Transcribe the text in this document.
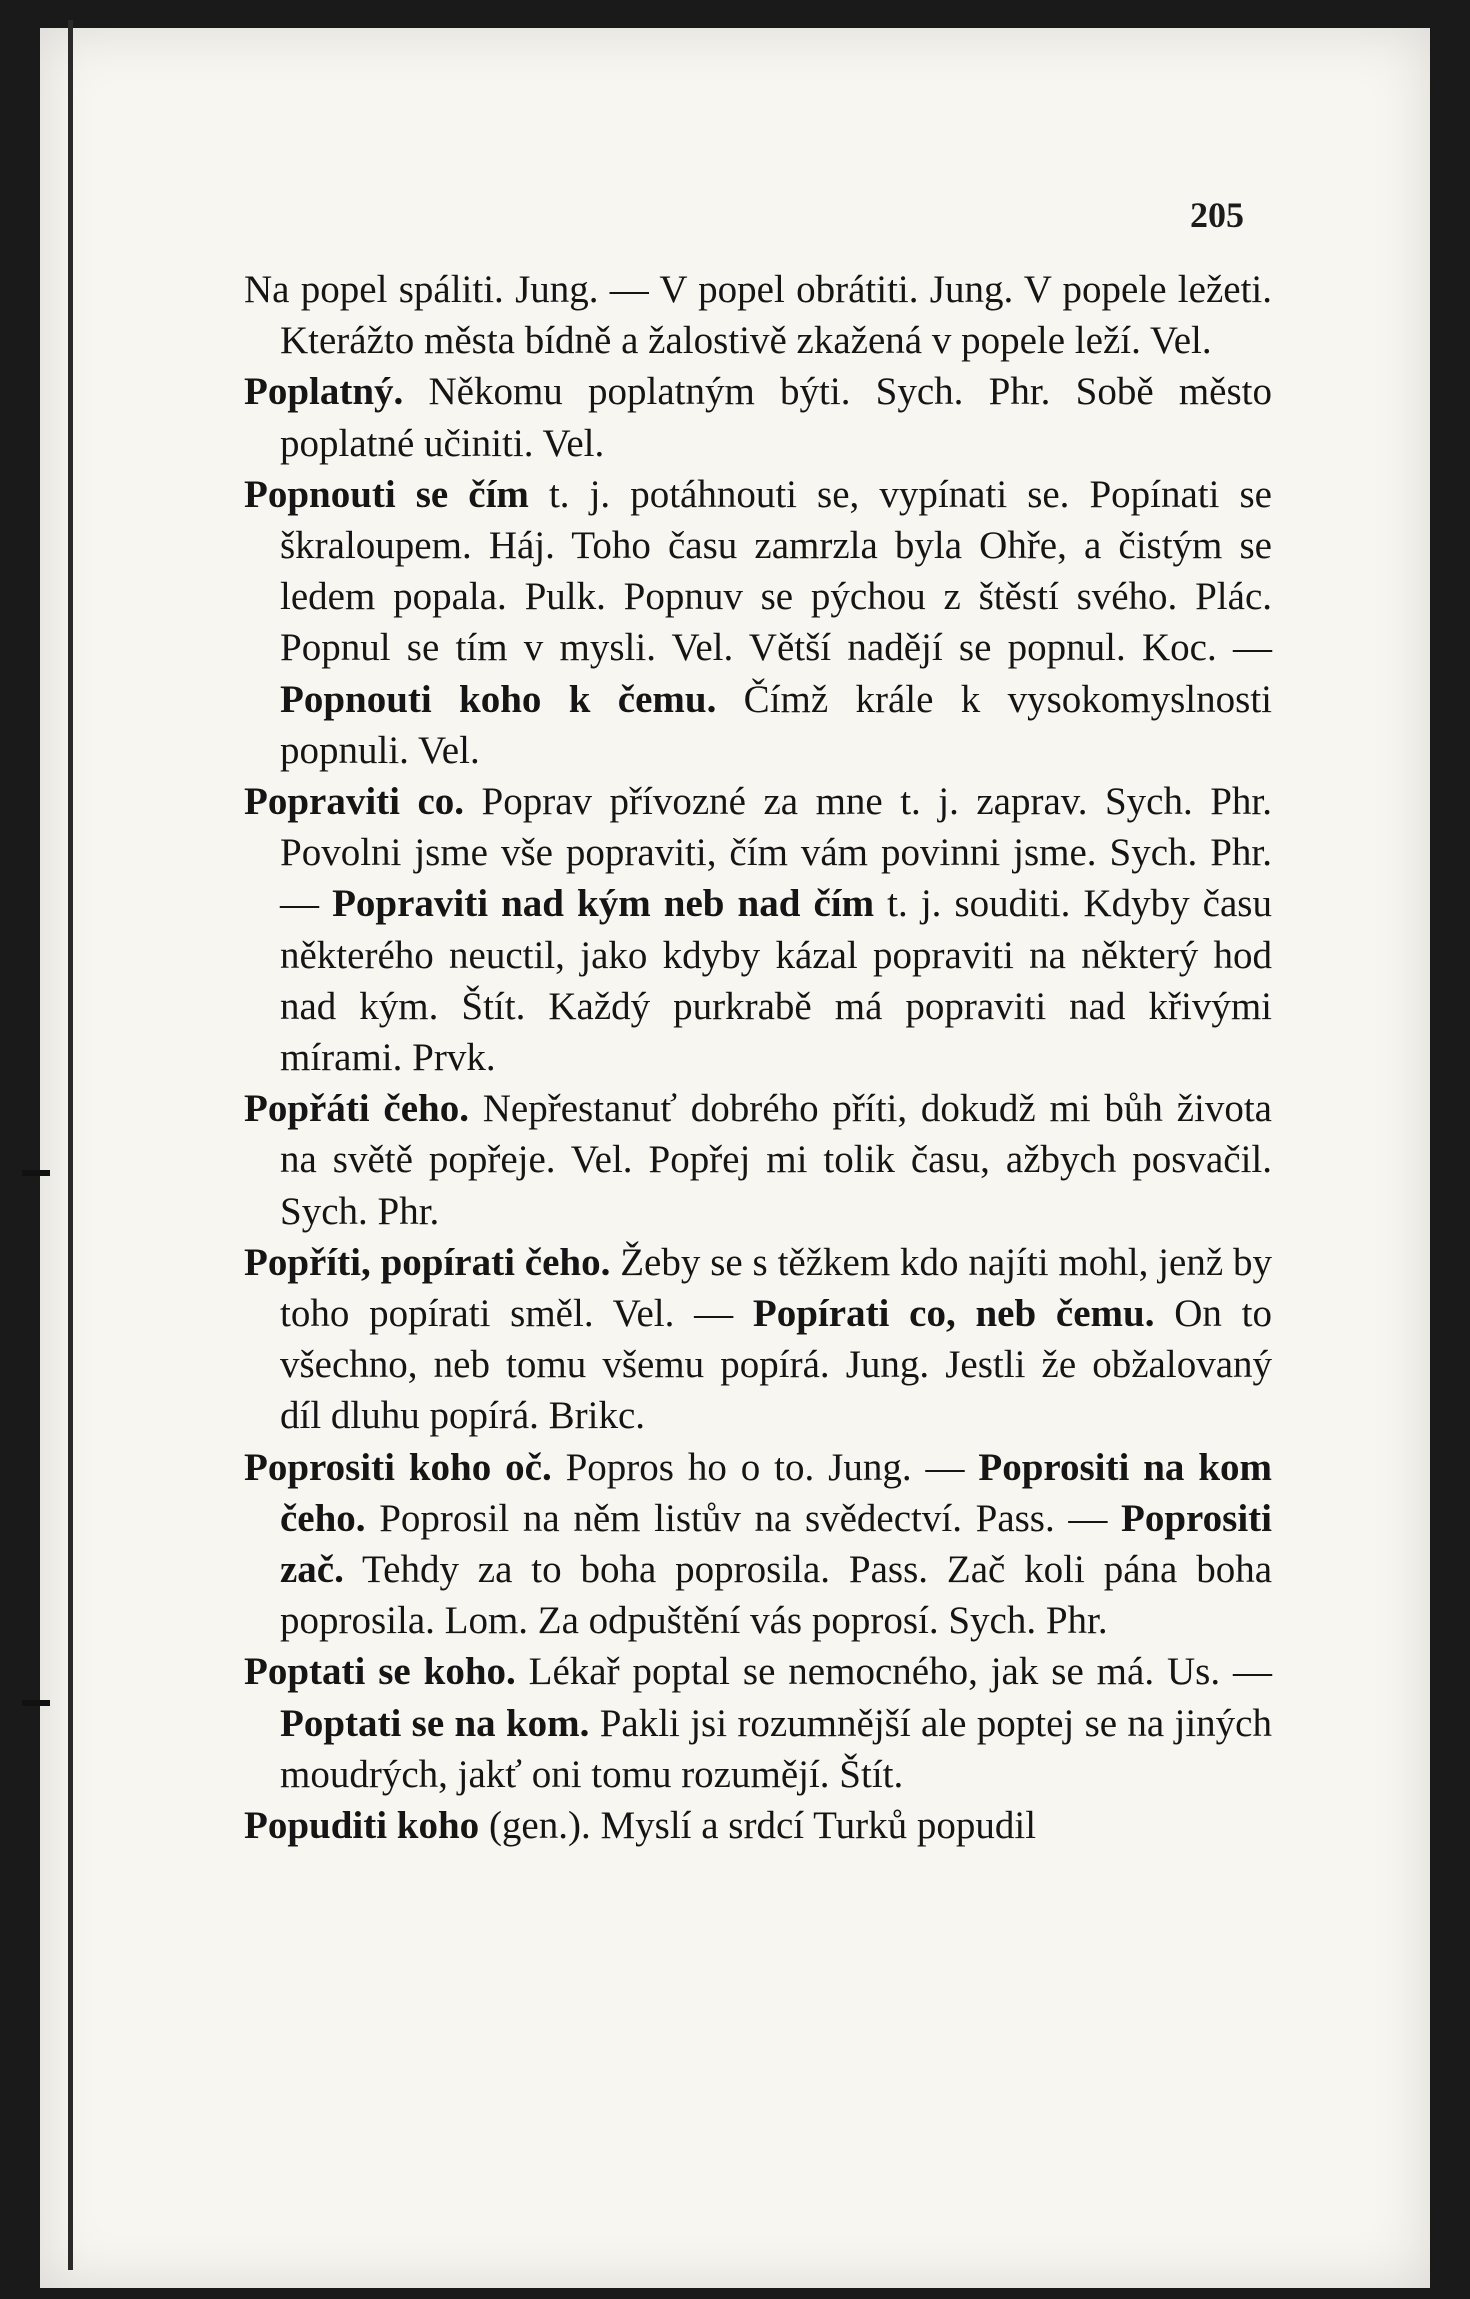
205

Na popel spáliti. Jung. — V popel obrátiti. Jung. V popele ležeti. Kterážto města bídně a žalostivě zkažená v popele leží. Vel.

Poplatný. Někomu poplatným býti. Sych. Phr. Sobě město poplatné učiniti. Vel.

Popnouti se čím t. j. potáhnouti se, vypínati se. Popínati se škraloupem. Háj. Toho času zamrzla byla Ohře, a čistým se ledem popala. Pulk. Popnuv se pýchou z štěstí svého. Plác. Popnul se tím v mysli. Vel. Větší nadějí se popnul. Koc. — Popnouti koho k čemu. Čímž krále k vysokomyslnosti popnuli. Vel.

Popraviti co. Poprav přívozné za mne t. j. zaprav. Sych. Phr. Povolni jsme vše popraviti, čím vám povinni jsme. Sych. Phr. — Popraviti nad kým neb nad čím t. j. souditi. Kdyby času některého neuctil, jako kdyby kázal popraviti na některý hod nad kým. Štít. Každý purkrabě má popraviti nad křivými mírami. Prvk.

Popřáti čeho. Nepřestanuť dobrého příti, dokudž mi bůh života na světě popřeje. Vel. Popřej mi tolik času, ažbych posvačil. Sych. Phr.

Popříti, popírati čeho. Žeby se s těžkem kdo najíti mohl, jenž by toho popírati směl. Vel. — Popírati co, neb čemu. On to všechno, neb tomu všemu popírá. Jung. Jestli že obžalovaný díl dluhu popírá. Brikc.

Poprositi koho oč. Popros ho o to. Jung. — Poprositi na kom čeho. Poprosil na něm listův na svědectví. Pass. — Poprositi zač. Tehdy za to boha poprosila. Pass. Zač koli pána boha poprosila. Lom. Za odpuštění vás poprosí. Sych. Phr.

Poptati se koho. Lékař poptal se nemocného, jak se má. Us. — Poptati se na kom. Pakli jsi rozumnější ale poptej se na jiných moudrých, jakť oni tomu rozumějí. Štít.

Popuditi koho (gen.). Myslí a srdcí Turků popudil
